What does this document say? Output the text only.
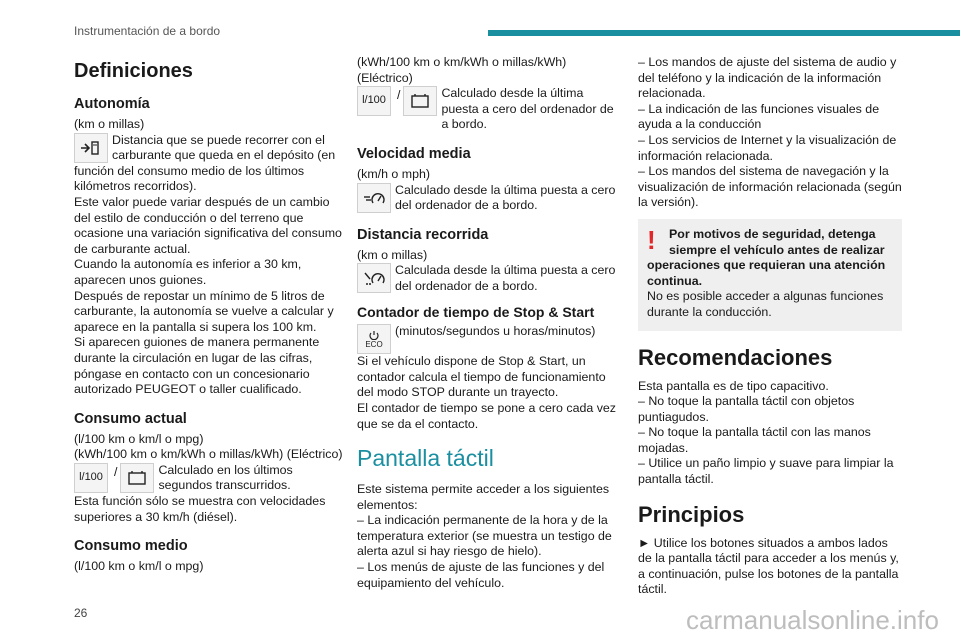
Instrumentación de a bordo
Definiciones
Autonomía

(km o millas)

Distancia que se puede recorrer con el carburante que queda en el depósito (en

función del consumo medio de los últimos kilómetros recorridos).
Este valor puede variar después de un cambio del estilo de conducción o del terreno que ocasione una variación significativa del consumo de carburante actual.
Cuando la autonomía es inferior a 30 km, aparecen unos guiones.
Después de repostar un mínimo de 5 litros de carburante, la autonomía se vuelve a calcular y aparece en la pantalla si supera los 100 km.
Si aparecen guiones de manera permanente durante la circulación en lugar de las cifras, póngase en contacto con un concesionario autorizado PEUGEOT o taller cualificado.

Consumo actual

(l/100 km o km/l o mpg)
(kWh/100 km o km/kWh o millas/kWh) (Eléctrico)

l/100 /	Calculado en los últimos segundos transcurridos.

Esta función sólo se muestra con velocidades superiores a 30 km/h (diésel).

Consumo medio

(l/100 km o km/l o mpg)

(kWh/100 km o km/kWh o millas/kWh) (Eléctrico)

l/100 /	Calculado desde la última puesta a cero del ordenador de a bordo.

Velocidad media

(km/h o mph)

Calculado desde la última puesta a cero del ordenador de a bordo.

Distancia recorrida

(km o millas)

Calculada desde la última puesta a cero del ordenador de a bordo.

Contador de tiempo de Stop & Start
ECO

(minutos/segundos u horas/minutos)

Si el vehículo dispone de Stop & Start, un contador calcula el tiempo de funcionamiento del modo STOP durante un trayecto.
El contador de tiempo se pone a cero cada vez que se da el contacto.

Pantalla táctil

Este sistema permite acceder a los siguientes elementos:
– La indicación permanente de la hora y de la temperatura exterior (se muestra un testigo de alerta azul si hay riesgo de hielo).
– Los menús de ajuste de las funciones y del equipamiento del vehículo.

– Los mandos de ajuste del sistema de audio y del teléfono y la indicación de la información relacionada.
– La indicación de las funciones visuales de ayuda a la conducción
– Los servicios de Internet y la visualización de información relacionada.
– Los mandos del sistema de navegación y la visualización de información relacionada (según la versión).

!	Por motivos de seguridad, detenga siempre el vehículo antes de realizar
operaciones que requieran una atención continua.

No es posible acceder a algunas funciones durante la conducción.

Recomendaciones

Esta pantalla es de tipo capacitivo.
– No toque la pantalla táctil con objetos puntiagudos.
– No toque la pantalla táctil con las manos mojadas.
– Utilice un paño limpio y suave para limpiar la pantalla táctil.

Principios

► Utilice los botones situados a ambos lados de la pantalla táctil para acceder a los menús y, a continuación, pulse los botones de la pantalla táctil.

26	carmanualsonline.info
